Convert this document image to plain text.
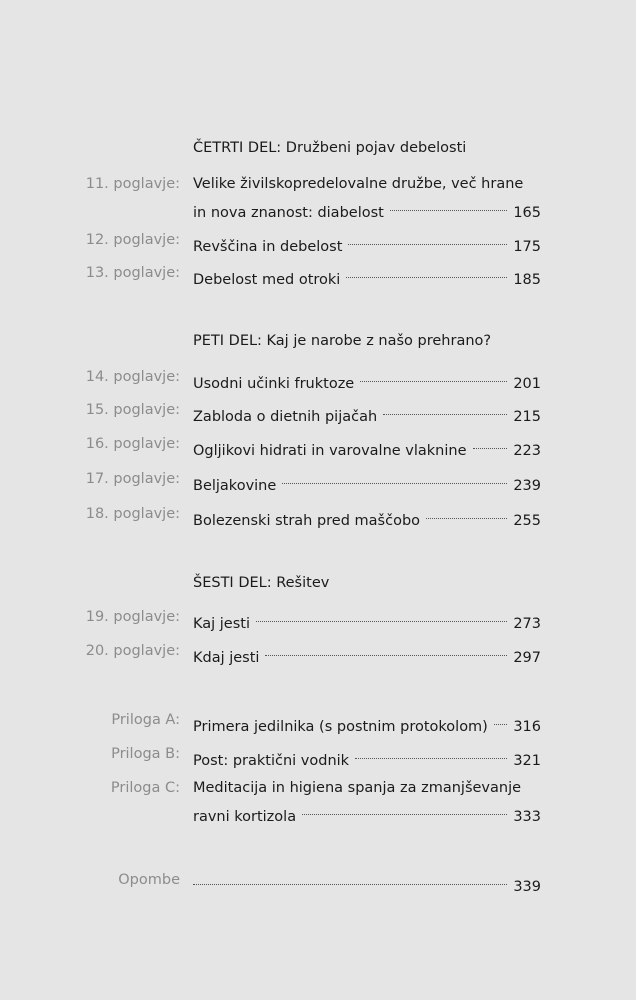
ČETRTI DEL: Družbeni pojav debelosti
11. poglavje: Velike živilskopredelovalne družbe, več hrane
in nova znanost: diabelost	165
12. poglavje: Revščina in debelost	175
13. poglavje: Debelost med otroki	185
PETI DEL: Kaj je narobe z našo prehrano?
14. poglavje: Usodni učinki fruktoze	201
15. poglavje: Zabloda o dietnih pijačah	215
16. poglavje: Ogljikovi hidrati in varovalne vlaknine	223
17. poglavje: Beljakovine	239
18. poglavje: Bolezenski strah pred maščobo	255
ŠESTI DEL: Rešitev
19. poglavje: Kaj jesti	273
20. poglavje: Kdaj jesti	297
Priloga A: Primera jedilnika (s postnim protokolom) 316
Priloga B: Post: praktični vodnik	321
Priloga C: Meditacija in higiena spanja za zmanjševanje
ravni kortizola	333
Opombe	339
